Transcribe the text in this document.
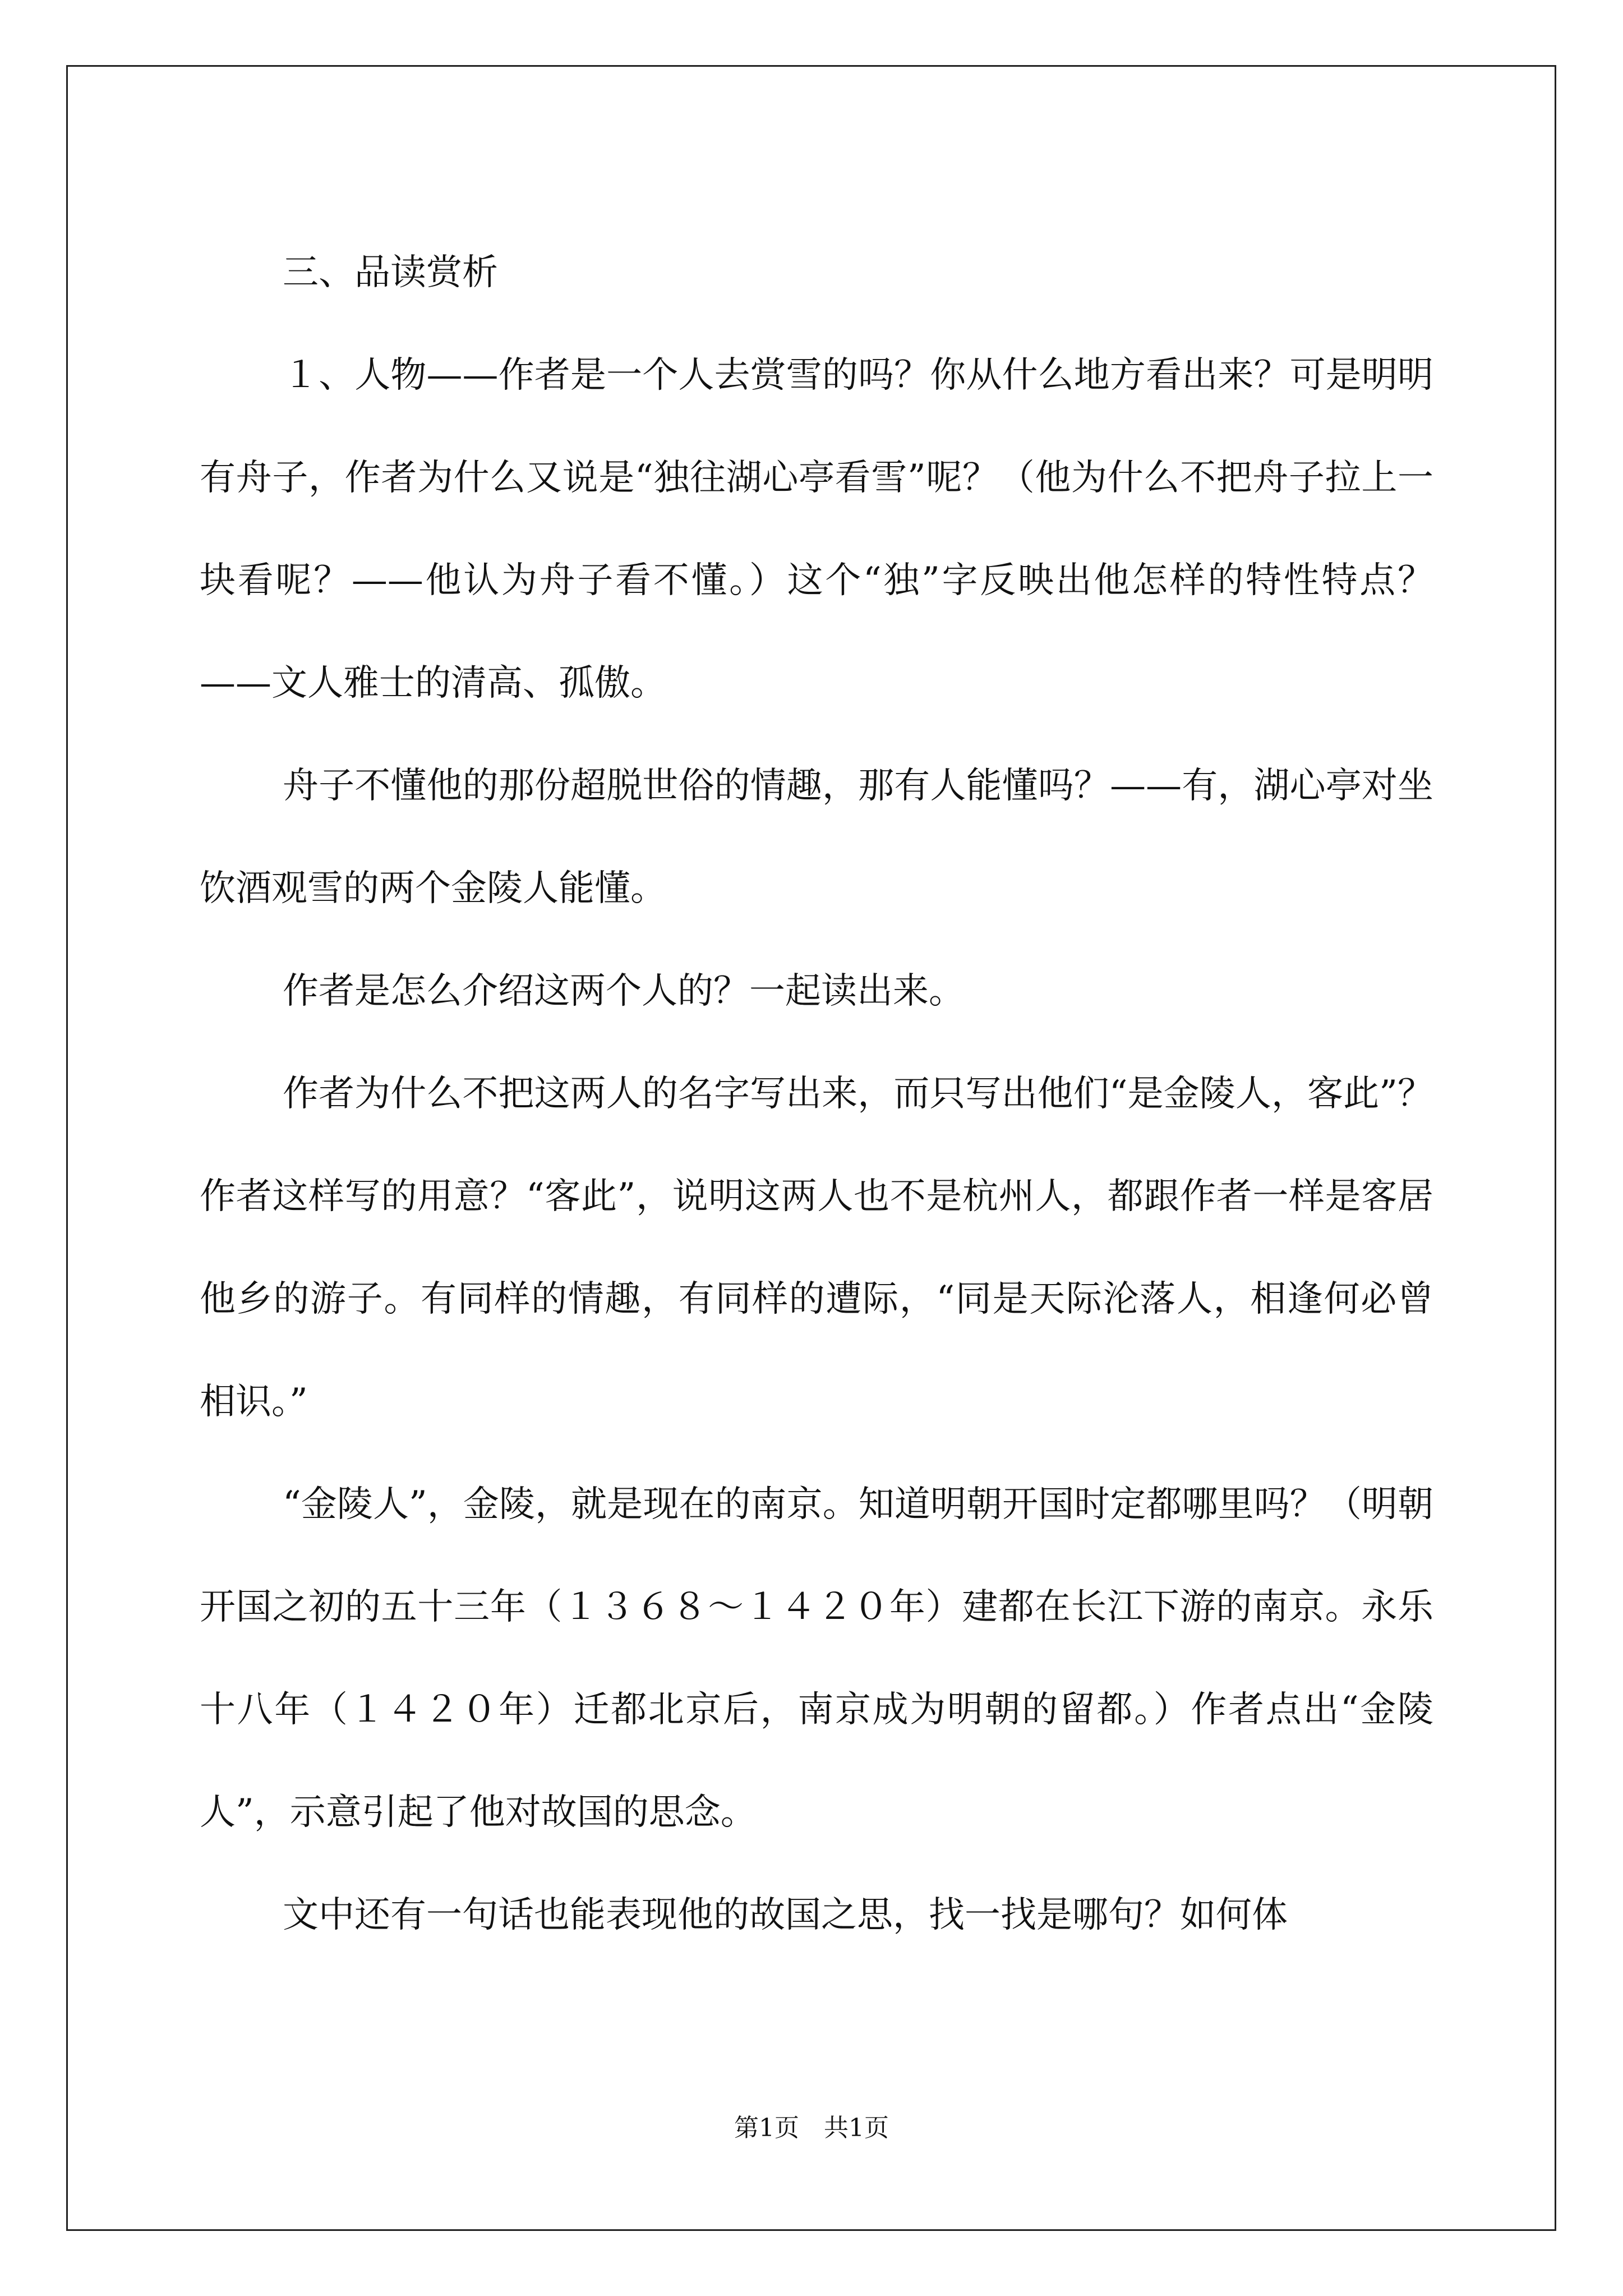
三、品读赏析

１、人物——作者是一个人去赏雪的吗？你从什么地方看出来？可是明明有舟子，作者为什么又说是“独往湖心亭看雪”呢？（他为什么不把舟子拉上一块看呢？——他认为舟子看不懂。）这个“独”字反映出他怎样的特性特点？——文人雅士的清高、孤傲。

舟子不懂他的那份超脱世俗的情趣，那有人能懂吗？——有，湖心亭对坐饮酒观雪的两个金陵人能懂。

作者是怎么介绍这两个人的？一起读出来。

作者为什么不把这两人的名字写出来，而只写出他们“是金陵人，客此”？作者这样写的用意？“客此”，说明这两人也不是杭州人，都跟作者一样是客居他乡的游子。有同样的情趣，有同样的遭际，“同是天际沦落人，相逢何必曾相识。”

“金陵人”，金陵，就是现在的南京。知道明朝开国时定都哪里吗？（明朝开国之初的五十三年（１３６８～１４２０年）建都在长江下游的南京。永乐十八年（１４２０年）迁都北京后，南京成为明朝的留都。）作者点出“金陵人”，示意引起了他对故国的思念。

文中还有一句话也能表现他的故国之思，找一找是哪句？如何体

第1页　共1页
